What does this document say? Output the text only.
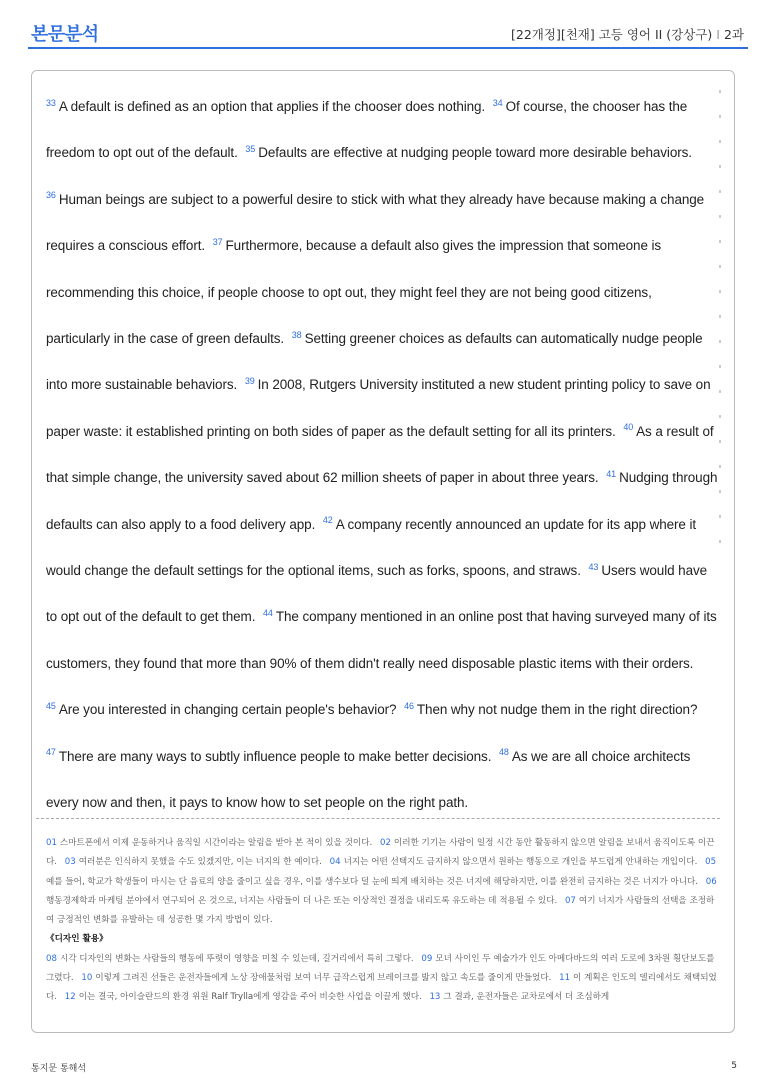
본문분석	[22개정][천재] 고등 영어 II (강상구) I 2과
$^{33}$ A default is defined as an option that applies if the chooser does nothing. $^{34}$ Of course, the chooser has the freedom to opt out of the default. $^{35}$ Defaults are effective at nudging people toward more desirable behaviors. $^{36}$ Human beings are subject to a powerful desire to stick with what they already have because making a change requires a conscious effort. $^{37}$ Furthermore, because a default also gives the impression that someone is recommending this choice, if people choose to opt out, they might feel they are not being good citizens, particularly in the case of green defaults. $^{38}$ Setting greener choices as defaults can automatically nudge people into more sustainable behaviors. $^{39}$ In 2008, Rutgers University instituted a new student printing policy to save on paper waste: it established printing on both sides of paper as the default setting for all its printers. $^{40}$ As a result of that simple change, the university saved about 62 million sheets of paper in about three years. $^{41}$ Nudging through defaults can also apply to a food delivery app. $^{42}$ A company recently announced an update for its app where it would change the default settings for the optional items, such as forks, spoons, and straws. $^{43}$ Users would have to opt out of the default to get them. $^{44}$ The company mentioned in an online post that having surveyed many of its customers, they found that more than 90% of them didn't really need disposable plastic items with their orders. $^{45}$ Are you interested in changing certain people's behavior? $^{46}$ Then why not nudge them in the right direction? $^{47}$ There are many ways to subtly influence people to make better decisions. $^{48}$ As we are all choice architects every now and then, it pays to know how to set people on the right path.
01 스마트폰에서 이제 운동하거나 움직일 시간이라는 알림을 받아 본 적이 있을 것이다. 02 이러한 기기는 사람이 일정 시간 동안 활동하지 않으면 알림을 보내서 움직이도록 이끈다. 03 여러분은 인식하지 못했을 수도 있겠지만, 이는 너지의 한 예이다. 04 너지는 어떤 선택지도 금지하지 않으면서 원하는 행동으로 개인을 부드럽게 안내하는 개입이다. 05예를 들어, 학교가 학생들이 마시는 단 음료의 양을 줄이고 싶을 경우, 이를 생수보다 덜 눈에 띄게 배치하는 것은 너지에 해당하지만, 이를 완전히 금지하는 것은 너지가 아니다. 06행동경제학과 마케팅 분야에서 연구되어 온 것으로, 너지는 사람들이 더 나은 또는 이상적인 결정을 내리도록 유도하는 데 적용될 수 있다. 07 여기 너지가 사람들의 선택을 조정하여 긍정적인 변화를 유발하는 데 성공한 몇 가지 방법이 있다.
《디자인 활용》
08 시각 디자인의 변화는 사람들의 행동에 뚜렷이 영향을 미칠 수 있는데, 길거리에서 특히 그렇다. 09 모녀 사이인 두 예술가가 인도 아메다바드의 여러 도로에 3차원 횡단보도를 그렸다. 10 이렇게 그려진 선들은 운전자들에게 노상 장애물처럼 보여 너무 급작스럽게 브레이크를 밟지 않고 속도를 줄이게 만들었다. 11 이 계획은 인도의 델리에서도 채택되었다. 12 이는 결국, 아이슬란드의 환경 위원 Ralf Trylla에게 영감을 주어 비슷한 사업을 이끌게 했다. 13 그 결과, 운전자들은 교차로에서 더 조심하게
통지문 통해석	5
